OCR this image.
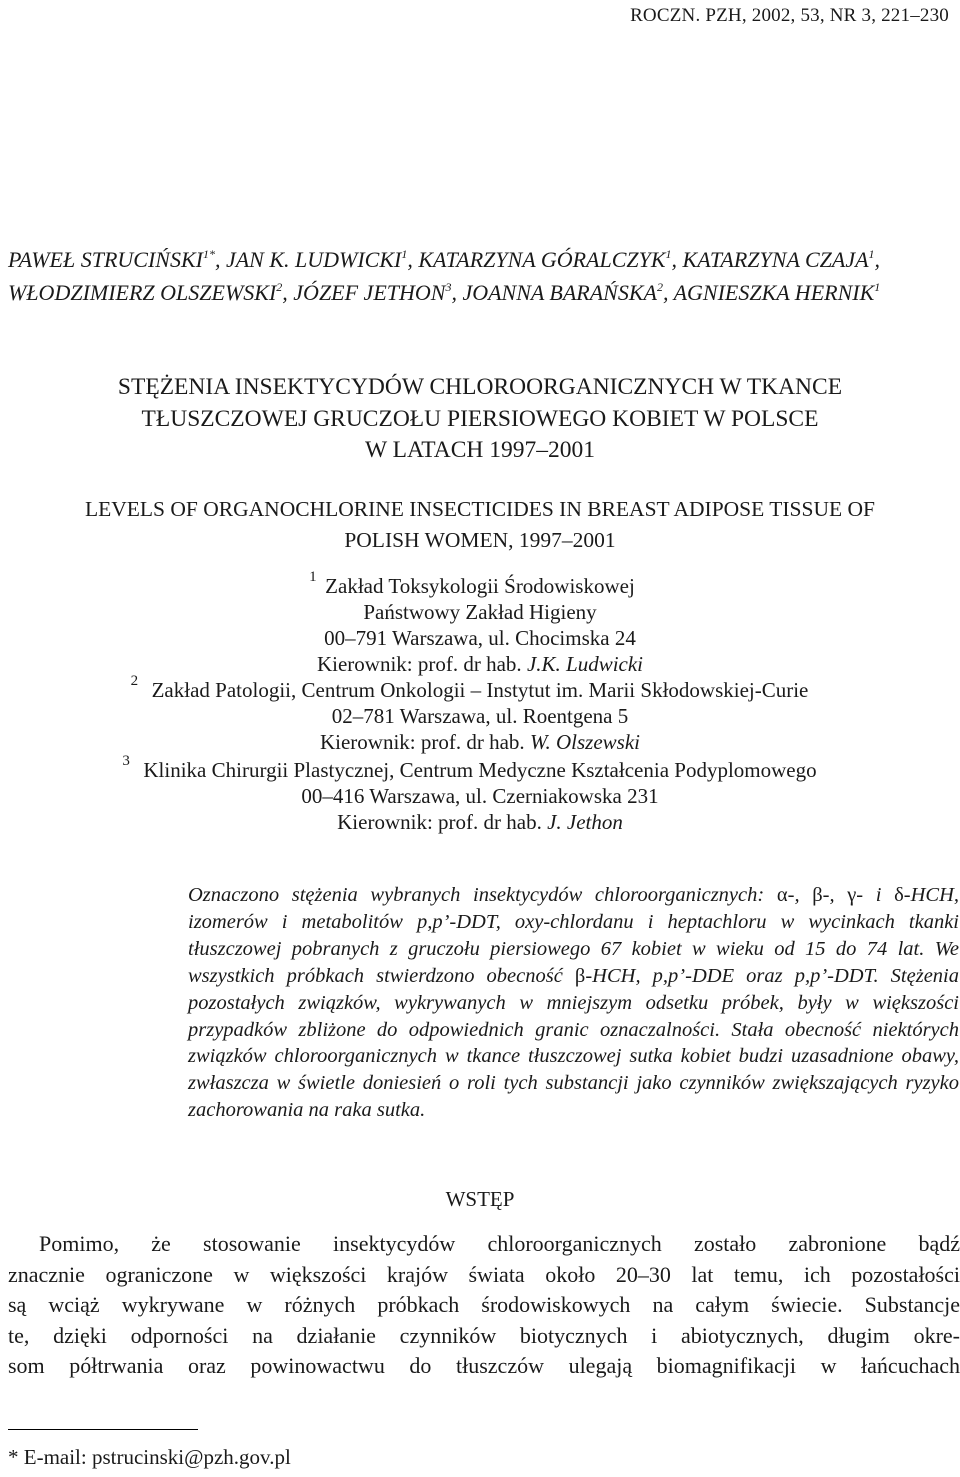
ROCZN. PZH, 2002, 53, NR 3, 221–230
PAWEŁ $STRUCIŃSKI^{1*}$, JAN K. LUDWICKI$^1$, KATARZYNA GÓRALCZYK$^1$, KATARZYNA CZAJA$^1$, WŁODZIMIERZ OLSZEWSKI$^2$, JÓZEF JETHON$^3$, JOANNA BARAŃSKA$^2$, AGNIESZKA HERNIK$^1$
STĘŻENIA INSEKTYCYDÓW CHLOROORGANICZNYCH W TKANCE
TŁUSZCZOWEJ GRUCZOŁU PIERSIOWEGO KOBIET W POLSCE
W LATACH 1997–2001
LEVELS OF ORGANOCHLORINE INSECTICIDES IN BREAST ADIPOSE TISSUE OF
POLISH WOMEN, 1997–2001
1 Zakład Toksykologii Środowiskowej
Państwowy Zakład Higieny
00–791 Warszawa, ul. Chocimska 24
Kierownik: prof. dr hab. J.K. Ludwicki
2 Zakład Patologii, Centrum Onkologii – Instytut im. Marii Skłodowskiej-Curie
02–781 Warszawa, ul. Roentgena 5
Kierownik: prof. dr hab. W. Olszewski
3 Klinika Chirurgii Plastycznej, Centrum Medyczne Kształcenia Podyplomowego
00–416 Warszawa, ul. Czerniakowska 231
Kierownik: prof. dr hab. J. Jethon
Oznaczono stężenia wybranych insektycydów chloroorganicznych: α-, β-, γ- i δ-HCH, izomerów i metabolitów p,p’-DDT, oxy-chlordanu i heptachloru w wycinkach tkanki tłuszczowej pobranych z gruczołu piersiowego 67 kobiet w wieku od 15 do 74 lat. We wszystkich próbkach stwierdzono obecność β-HCH, p,p’-DDE oraz p,p’-DDT. Stężenia pozostałych związków, wykrywanych w mniejszym odsetku próbek, były w większości przypadków zbliżone do odpowiednich granic oznaczalności. Stała obecność niektórych związków chloroorganicznych w tkance tłuszczowej sutka kobiet budzi uzasadnione obawy, zwłaszcza w świetle doniesień o roli tych substancji jako czynników zwiększających ryzyko zachorowania na raka sutka.
WSTĘP
Pomimo, że stosowanie insektycydów chloroorganicznych zostało zabronione bądź
znacznie ograniczone w większości krajów świata około 20–30 lat temu, ich pozostałości
są wciąż wykrywane w różnych próbkach środowiskowych na całym świecie. Substancje
te, dzięki odporności na działanie czynników biotycznych i abiotycznych, długim okre-
som półtrwania oraz powinowactwu do tłuszczów ulegają biomagnifikacji w łańcuchach
* E-mail: pstrucinski@pzh.gov.pl
